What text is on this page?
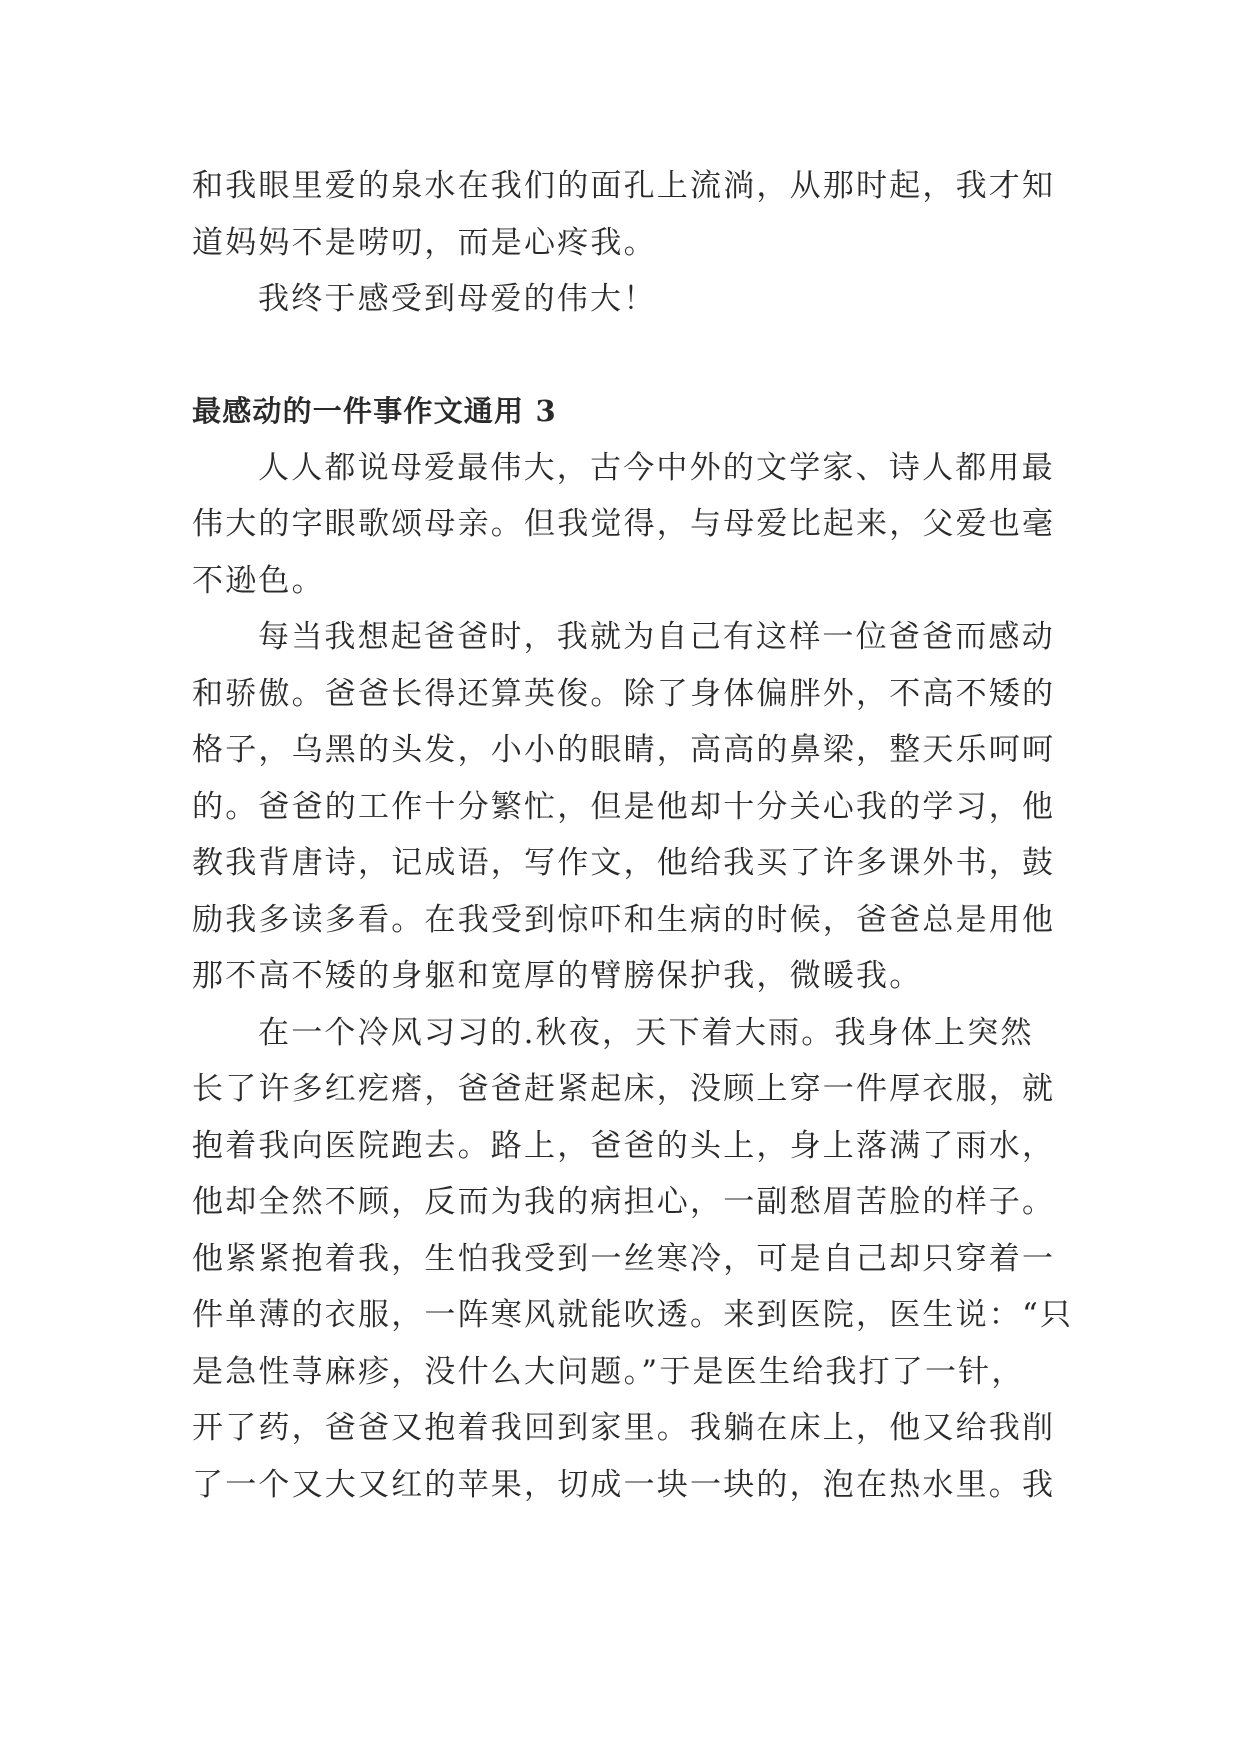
和我眼里爱的泉水在我们的面孔上流淌，从那时起，我才知
道妈妈不是唠叨，而是心疼我。
我终于感受到母爱的伟大！
最感动的一件事作文通用 3
人人都说母爱最伟大，古今中外的文学家、诗人都用最
伟大的字眼歌颂母亲。但我觉得，与母爱比起来，父爱也毫
不逊色。
每当我想起爸爸时，我就为自己有这样一位爸爸而感动
和骄傲。爸爸长得还算英俊。除了身体偏胖外，不高不矮的
格子，乌黑的头发，小小的眼睛，高高的鼻梁，整天乐呵呵
的。爸爸的工作十分繁忙，但是他却十分关心我的学习，他
教我背唐诗，记成语，写作文，他给我买了许多课外书，鼓
励我多读多看。在我受到惊吓和生病的时候，爸爸总是用他
那不高不矮的身躯和宽厚的臂膀保护我，微暖我。
在一个冷风习习的.秋夜，天下着大雨。我身体上突然
长了许多红疙瘩，爸爸赶紧起床，没顾上穿一件厚衣服，就
抱着我向医院跑去。路上，爸爸的头上，身上落满了雨水，
他却全然不顾，反而为我的病担心，一副愁眉苦脸的样子。
他紧紧抱着我，生怕我受到一丝寒冷，可是自己却只穿着一
件单薄的衣服，一阵寒风就能吹透。来到医院，医生说：“只
是急性荨麻疹，没什么大问题。”于是医生给我打了一针，
开了药，爸爸又抱着我回到家里。我躺在床上，他又给我削
了一个又大又红的苹果，切成一块一块的，泡在热水里。我
